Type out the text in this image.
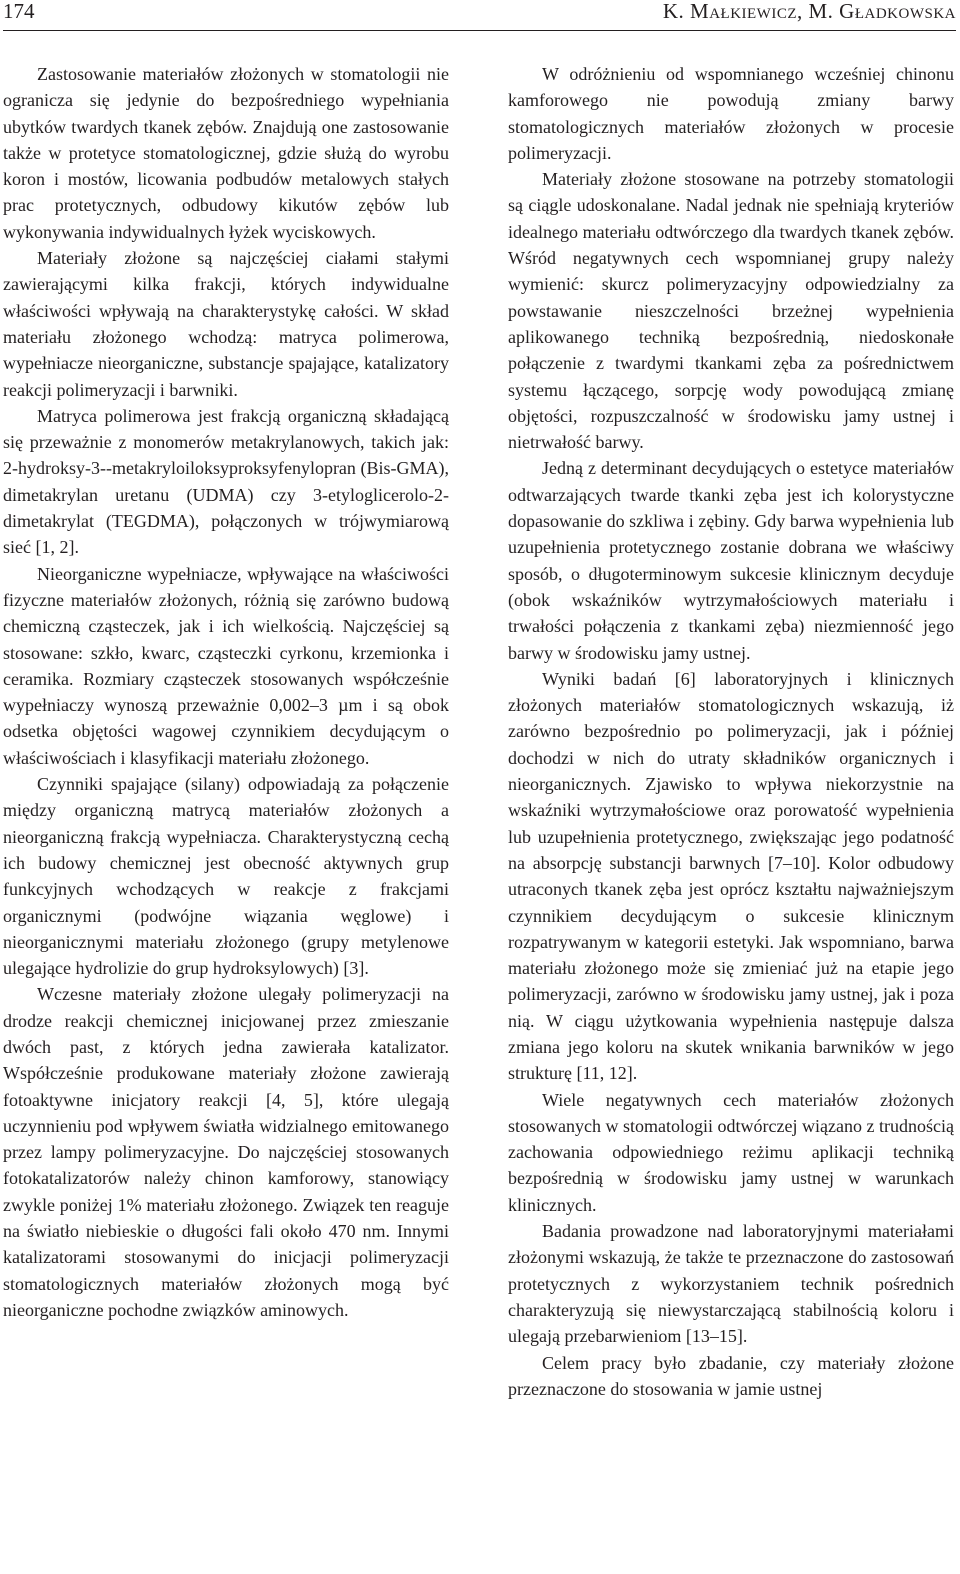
174	K. Małkiewicz, M. Gładkowska

Zastosowanie materiałów złożonych w stomatologii nie ogranicza się jedynie do bezpośredniego wypełniania ubytków twardych tkanek zębów. Znajdują one zastosowanie także w protetyce stomatologicznej, gdzie służą do wyrobu koron i mostów, licowania podbudów metalowych stałych prac protetycznych, odbudowy kikutów zębów lub wykonywania indywidualnych łyżek wyciskowych.

Materiały złożone są najczęściej ciałami stałymi zawierającymi kilka frakcji, których indywidualne właściwości wpływają na charakterystykę całości. W skład materiału złożonego wchodzą: matryca polimerowa, wypełniacze nieorganiczne, substancje spajające, katalizatory reakcji polimeryzacji i barwniki.

Matryca polimerowa jest frakcją organiczną składającą się przeważnie z monomerów metakrylanowych, takich jak: 2-hydroksy-3--metakryloiloksyproksyfenylopran (Bis-GMA), dimetakrylan uretanu (UDMA) czy 3-etyloglicerolo-2-dimetakrylat (TEGDMA), połączonych w trójwymiarową sieć [1, 2].

Nieorganiczne wypełniacze, wpływające na właściwości fizyczne materiałów złożonych, różnią się zarówno budową chemiczną cząsteczek, jak i ich wielkością. Najczęściej są stosowane: szkło, kwarc, cząsteczki cyrkonu, krzemionka i ceramika. Rozmiary cząsteczek stosowanych współcześnie wypełniaczy wynoszą przeważnie 0,002–3 µm i są obok odsetka objętości wagowej czynnikiem decydującym o właściwościach i klasyfikacji materiału złożonego.

Czynniki spajające (silany) odpowiadają za połączenie między organiczną matrycą materiałów złożonych a nieorganiczną frakcją wypełniacza. Charakterystyczną cechą ich budowy chemicznej jest obecność aktywnych grup funkcyjnych wchodzących w reakcje z frakcjami organicznymi (podwójne wiązania węglowe) i nieorganicznymi materiału złożonego (grupy metylenowe ulegające hydrolizie do grup hydroksylowych) [3].

Wczesne materiały złożone ulegały polimeryzacji na drodze reakcji chemicznej inicjowanej przez zmieszanie dwóch past, z których jedna zawierała katalizator. Współcześnie produkowane materiały złożone zawierają fotoaktywne inicjatory reakcji [4, 5], które ulegają uczynnieniu pod wpływem światła widzialnego emitowanego przez lampy polimeryzacyjne. Do najczęściej stosowanych fotokatalizatorów należy chinon kamforowy, stanowiący zwykle poniżej 1% materiału złożonego. Związek ten reaguje na światło niebieskie o długości fali około 470 nm. Innymi katalizatorami stosowanymi do inicjacji polimeryzacji stomatologicznych materiałów złożonych mogą być nieorganiczne pochodne związków aminowych.

W odróżnieniu od wspomnianego wcześniej chinonu kamforowego nie powodują zmiany barwy stomatologicznych materiałów złożonych w procesie polimeryzacji.

Materiały złożone stosowane na potrzeby stomatologii są ciągle udoskonalane. Nadal jednak nie spełniają kryteriów idealnego materiału odtwórczego dla twardych tkanek zębów. Wśród negatywnych cech wspomnianej grupy należy wymienić: skurcz polimeryzacyjny odpowiedzialny za powstawanie nieszczelności brzeżnej wypełnienia aplikowanego techniką bezpośrednią, niedoskonałe połączenie z twardymi tkankami zęba za pośrednictwem systemu łączącego, sorpcję wody powodującą zmianę objętości, rozpuszczalność w środowisku jamy ustnej i nietrwałość barwy.

Jedną z determinant decydujących o estetyce materiałów odtwarzających twarde tkanki zęba jest ich kolorystyczne dopasowanie do szkliwa i zębiny. Gdy barwa wypełnienia lub uzupełnienia protetycznego zostanie dobrana we właściwy sposób, o długoterminowym sukcesie klinicznym decyduje (obok wskaźników wytrzymałościowych materiału i trwałości połączenia z tkankami zęba) niezmienność jego barwy w środowisku jamy ustnej.

Wyniki badań [6] laboratoryjnych i klinicznych złożonych materiałów stomatologicznych wskazują, iż zarówno bezpośrednio po polimeryzacji, jak i później dochodzi w nich do utraty składników organicznych i nieorganicznych. Zjawisko to wpływa niekorzystnie na wskaźniki wytrzymałościowe oraz porowatość wypełnienia lub uzupełnienia protetycznego, zwiększając jego podatność na absorpcję substancji barwnych [7–10]. Kolor odbudowy utraconych tkanek zęba jest oprócz kształtu najważniejszym czynnikiem decydującym o sukcesie klinicznym rozpatrywanym w kategorii estetyki. Jak wspomniano, barwa materiału złożonego może się zmieniać już na etapie jego polimeryzacji, zarówno w środowisku jamy ustnej, jak i poza nią. W ciągu użytkowania wypełnienia następuje dalsza zmiana jego koloru na skutek wnikania barwników w jego strukturę [11, 12].

Wiele negatywnych cech materiałów złożonych stosowanych w stomatologii odtwórczej wiązano z trudnością zachowania odpowiedniego reżimu aplikacji techniką bezpośrednią w środowisku jamy ustnej w warunkach klinicznych.

Badania prowadzone nad laboratoryjnymi materiałami złożonymi wskazują, że także te przeznaczone do zastosowań protetycznych z wykorzystaniem technik pośrednich charakteryzują się niewystarczającą stabilnością koloru i ulegają przebarwieniom [13–15].

Celem pracy było zbadanie, czy materiały złożone przeznaczone do stosowania w jamie ustnej
